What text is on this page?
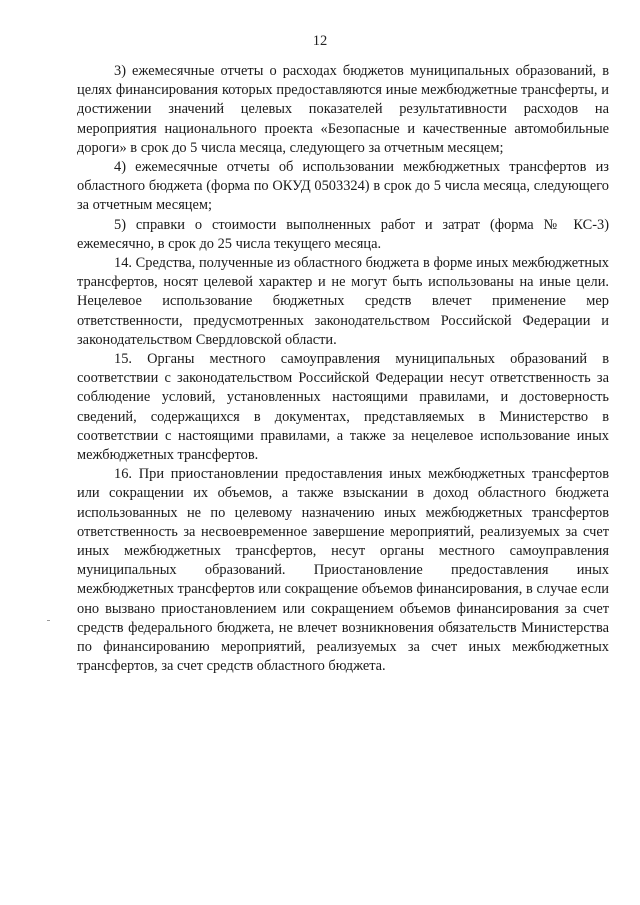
12

3) ежемесячные отчеты о расходах бюджетов муниципальных образований, в целях финансирования которых предоставляются иные межбюджетные трансферты, и достижении значений целевых показателей результативности расходов на мероприятия национального проекта «Безопасные и качественные автомобильные дороги» в срок до 5 числа месяца, следующего за отчетным месяцем;

4) ежемесячные отчеты об использовании межбюджетных трансфертов из областного бюджета (форма по ОКУД 0503324) в срок до 5 числа месяца, следующего за отчетным месяцем;

5) справки о стоимости выполненных работ и затрат (форма № КС-3) ежемесячно, в срок до 25 числа текущего месяца.

14. Средства, полученные из областного бюджета в форме иных межбюджетных трансфертов, носят целевой характер и не могут быть использованы на иные цели. Нецелевое использование бюджетных средств влечет применение мер ответственности, предусмотренных законодательством Российской Федерации и законодательством Свердловской области.

15. Органы местного самоуправления муниципальных образований в соответствии с законодательством Российской Федерации несут ответственность за соблюдение условий, установленных настоящими правилами, и достоверность сведений, содержащихся в документах, представляемых в Министерство в соответствии с настоящими правилами, а также за нецелевое использование иных межбюджетных трансфертов.

16. При приостановлении предоставления иных межбюджетных трансфертов или сокращении их объемов, а также взыскании в доход областного бюджета использованных не по целевому назначению иных межбюджетных трансфертов ответственность за несвоевременное завершение мероприятий, реализуемых за счет иных межбюджетных трансфертов, несут органы местного самоуправления муниципальных образований. Приостановление предоставления иных межбюджетных трансфертов или сокращение объемов финансирования, в случае если оно вызвано приостановлением или сокращением объемов финансирования за счет средств федерального бюджета, не влечет возникновения обязательств Министерства по финансированию мероприятий, реализуемых за счет иных межбюджетных трансфертов, за счет средств областного бюджета.
